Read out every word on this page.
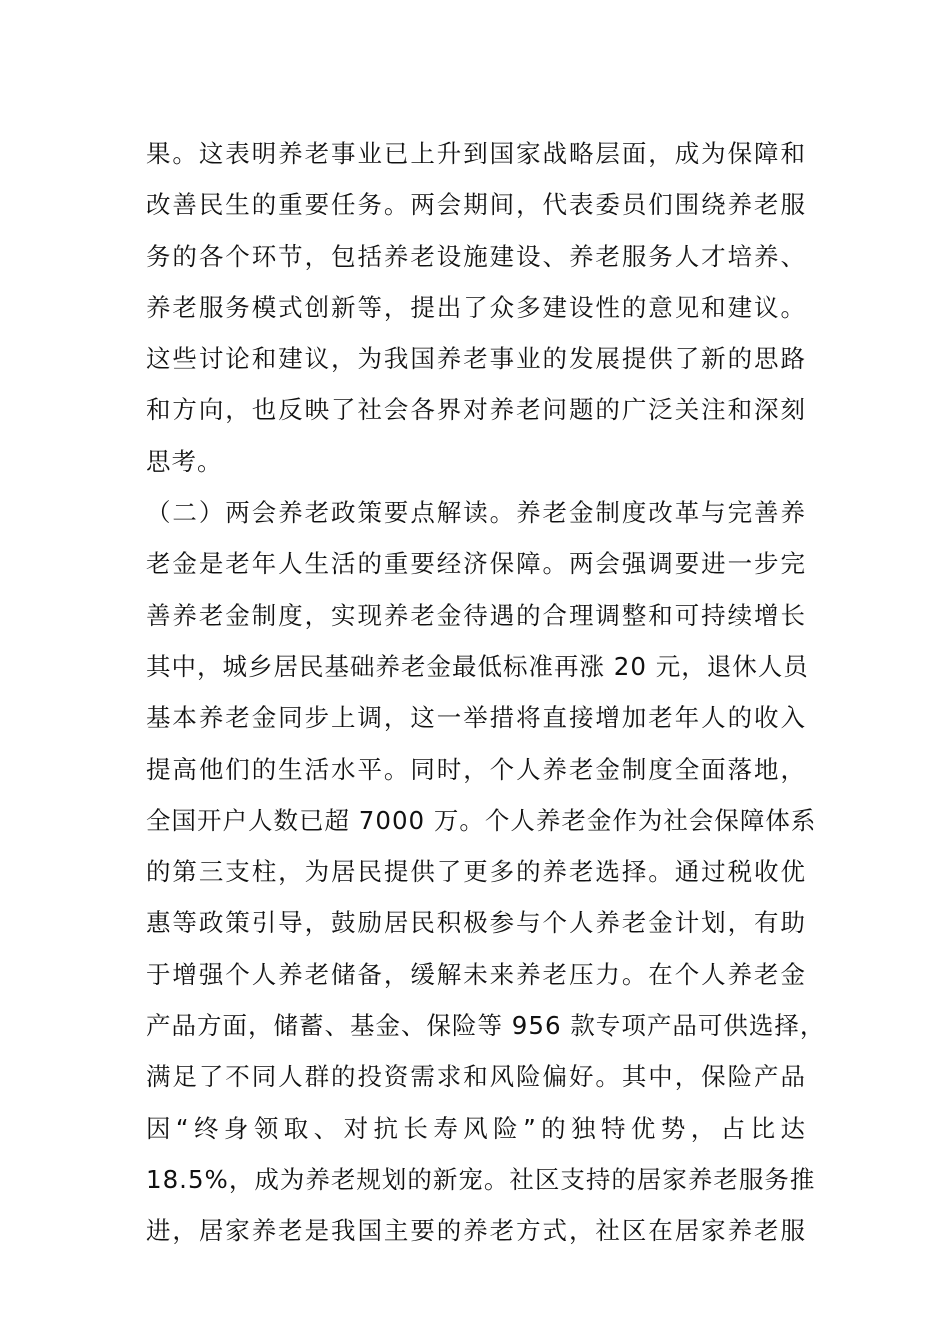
果。这表明养老事业已上升到国家战略层面，成为保障和
改善民生的重要任务。两会期间，代表委员们围绕养老服
务的各个环节，包括养老设施建设、养老服务人才培养、
养老服务模式创新等，提出了众多建设性的意见和建议。
这些讨论和建议，为我国养老事业的发展提供了新的思路
和方向，也反映了社会各界对养老问题的广泛关注和深刻
思考。
（二）两会养老政策要点解读。养老金制度改革与完善养
老金是老年人生活的重要经济保障。两会强调要进一步完
善养老金制度，实现养老金待遇的合理调整和可持续增长
其中，城乡居民基础养老金最低标准再涨 20 元，退休人员
基本养老金同步上调，这一举措将直接增加老年人的收入
提高他们的生活水平。同时，个人养老金制度全面落地，
全国开户人数已超 7000 万。个人养老金作为社会保障体系
的第三支柱，为居民提供了更多的养老选择。通过税收优
惠等政策引导，鼓励居民积极参与个人养老金计划，有助
于增强个人养老储备，缓解未来养老压力。在个人养老金
产品方面，储蓄、基金、保险等 956 款专项产品可供选择，
满足了不同人群的投资需求和风险偏好。其中，保险产品
因“终身领取、对抗长寿风险”的独特优势，占比达
18.5%，成为养老规划的新宠。社区支持的居家养老服务推
进，居家养老是我国主要的养老方式，社区在居家养老服
